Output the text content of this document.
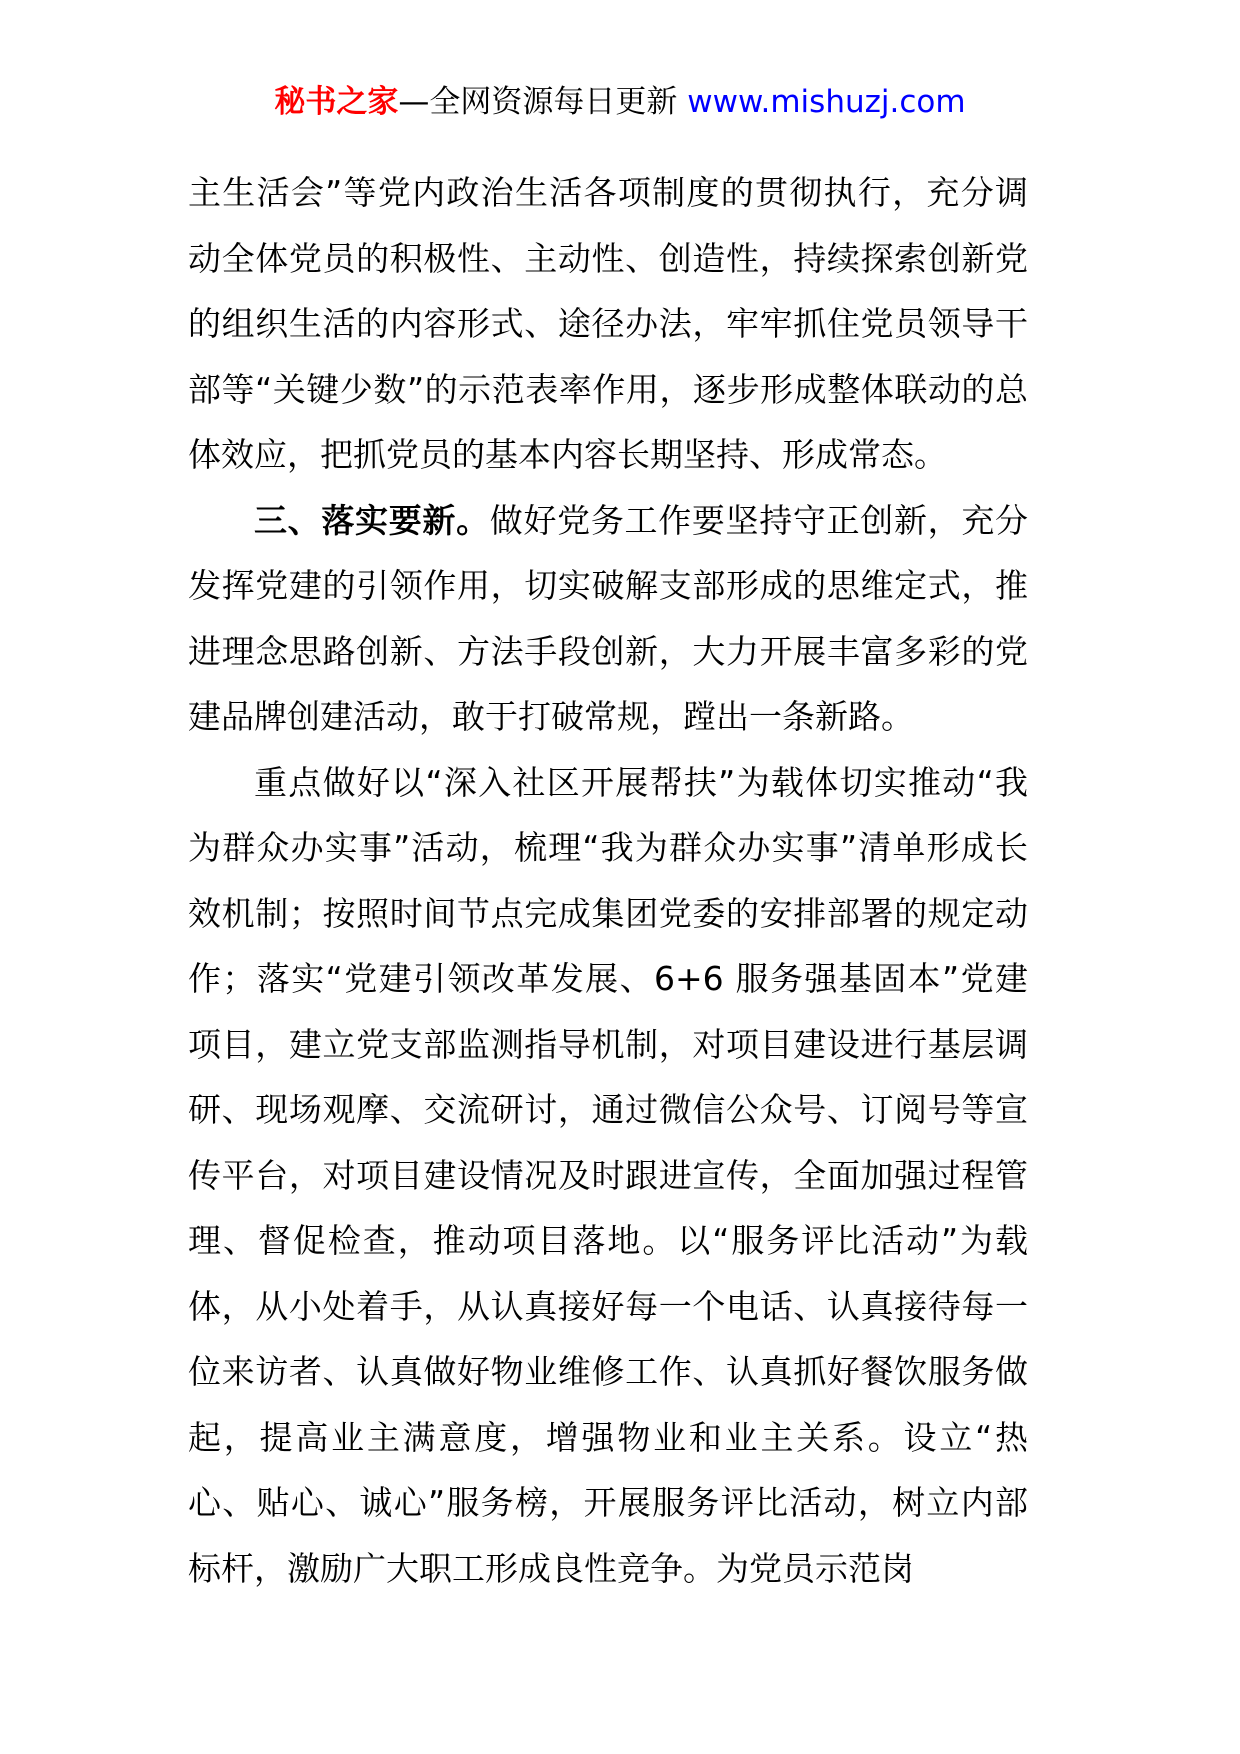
秘书之家—全网资源每日更新 www.mishuzj.com

主生活会”等党内政治生活各项制度的贯彻执行，充分调动全体党员的积极性、主动性、创造性，持续探索创新党的组织生活的内容形式、途径办法，牢牢抓住党员领导干部等“关键少数”的示范表率作用，逐步形成整体联动的总体效应，把抓党员的基本内容长期坚持、形成常态。

三、落实要新。做好党务工作要坚持守正创新，充分发挥党建的引领作用，切实破解支部形成的思维定式，推进理念思路创新、方法手段创新，大力开展丰富多彩的党建品牌创建活动，敢于打破常规，蹚出一条新路。

重点做好以“深入社区开展帮扶”为载体切实推动“我为群众办实事”活动，梳理“我为群众办实事”清单形成长效机制；按照时间节点完成集团党委的安排部署的规定动作；落实“党建引领改革发展、6+6 服务强基固本”党建项目，建立党支部监测指导机制，对项目建设进行基层调研、现场观摩、交流研讨，通过微信公众号、订阅号等宣传平台，对项目建设情况及时跟进宣传，全面加强过程管理、督促检查，推动项目落地。以“服务评比活动”为载体，从小处着手，从认真接好每一个电话、认真接待每一位来访者、认真做好物业维修工作、认真抓好餐饮服务做起，提高业主满意度，增强物业和业主关系。设立“热心、贴心、诚心”服务榜，开展服务评比活动，树立内部标杆，激励广大职工形成良性竞争。为党员示范岗
